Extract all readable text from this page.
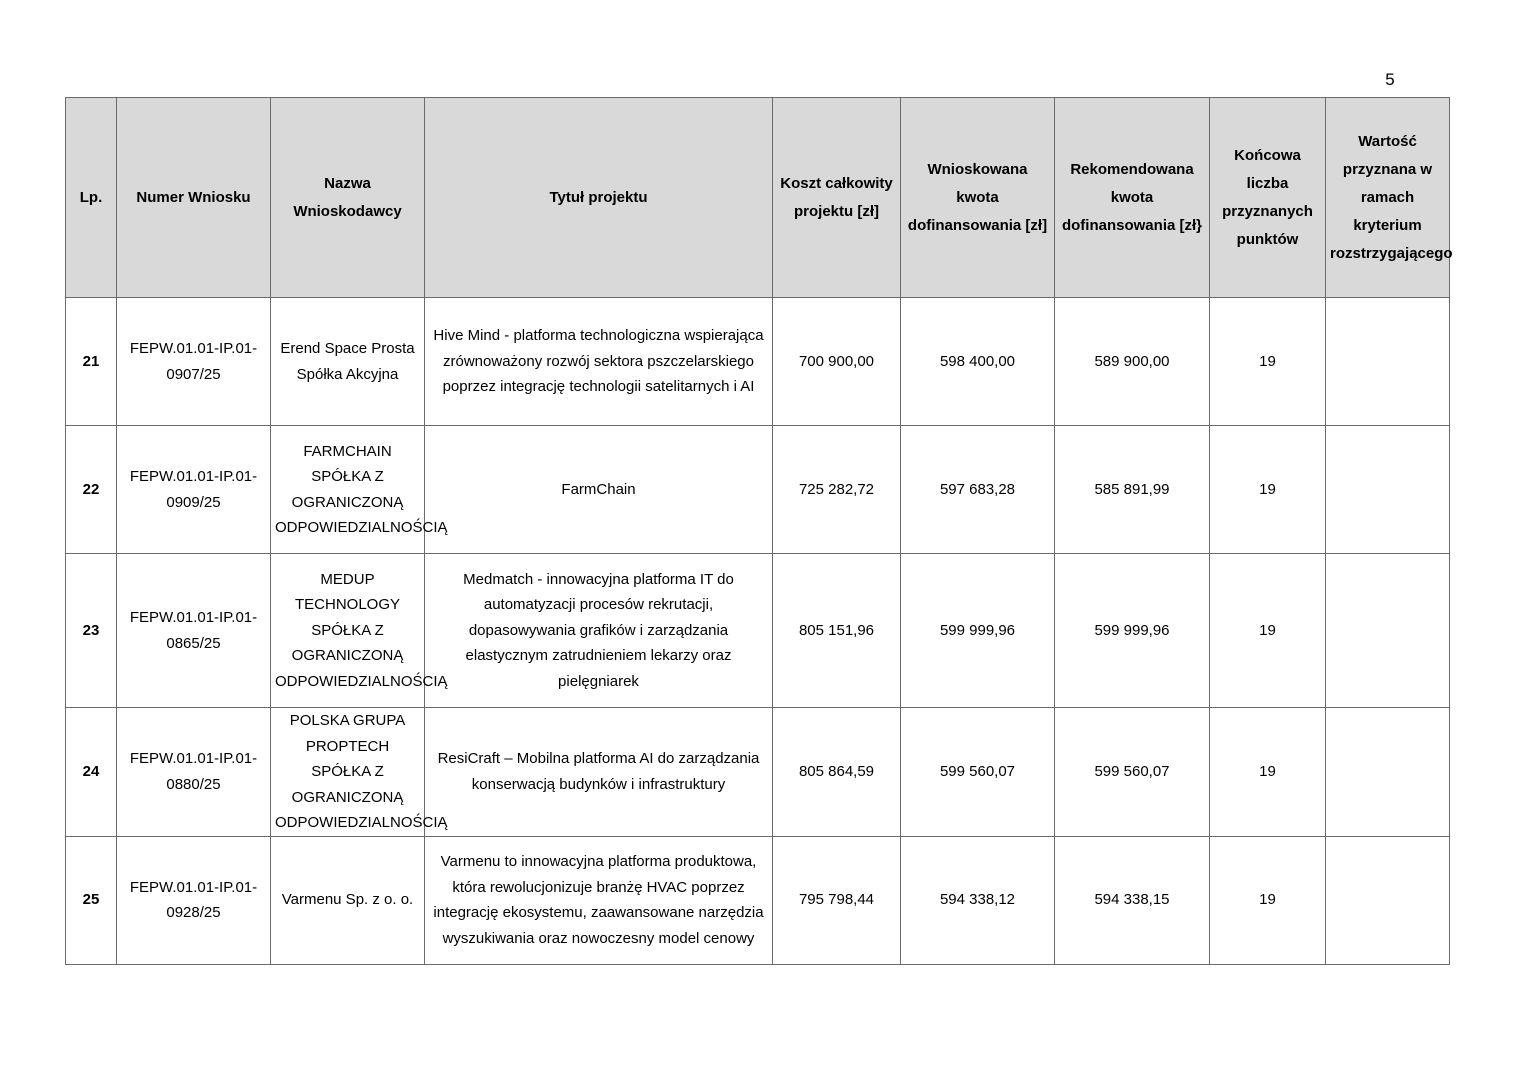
5
Lp.	Numer Wniosku	Nazwa Wnioskodawcy	Tytuł projektu	Koszt całkowity projektu [zł]	Wnioskowana kwota dofinansowania [zł]	Rekomendowana kwota dofinansowania [zł}	Końcowa liczba przyznanych punktów	Wartość przyznana w ramach kryterium rozstrzygającego
21	FEPW.01.01-IP.01-0907/25	Erend Space Prosta Spółka Akcyjna	Hive Mind - platforma technologiczna wspierająca zrównoważony rozwój sektora pszczelarskiego poprzez integrację technologii satelitarnych i AI	700 900,00	598 400,00	589 900,00	19	
22	FEPW.01.01-IP.01-0909/25	FARMCHAIN SPÓŁKA Z OGRANICZONĄ ODPOWIEDZIALNOŚCIĄ	FarmChain	725 282,72	597 683,28	585 891,99	19	
23	FEPW.01.01-IP.01-0865/25	MEDUP TECHNOLOGY SPÓŁKA Z OGRANICZONĄ ODPOWIEDZIALNOŚCIĄ	Medmatch - innowacyjna platforma IT do automatyzacji procesów rekrutacji, dopasowywania grafików i zarządzania elastycznym zatrudnieniem lekarzy oraz pielęgniarek	805 151,96	599 999,96	599 999,96	19	
24	FEPW.01.01-IP.01-0880/25	POLSKA GRUPA PROPTECH SPÓŁKA Z OGRANICZONĄ ODPOWIEDZIALNOŚCIĄ	ResiCraft – Mobilna platforma AI do zarządzania konserwacją budynków i infrastruktury	805 864,59	599 560,07	599 560,07	19	
25	FEPW.01.01-IP.01-0928/25	Varmenu Sp. z o. o.	Varmenu to innowacyjna platforma produktowa, która rewolucjonizuje branżę HVAC poprzez integrację ekosystemu, zaawansowane narzędzia wyszukiwania oraz nowoczesny model cenowy	795 798,44	594 338,12	594 338,15	19	
